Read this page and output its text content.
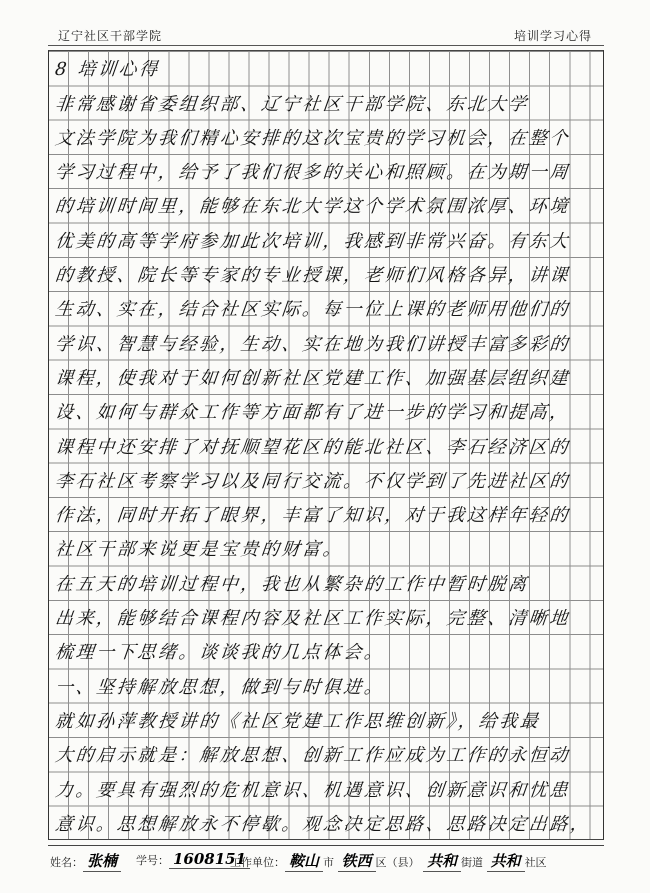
辽宁社区干部学院	培训学习心得
8 培训心得
非常感谢省委组织部、辽宁社区干部学院、东北大学
文法学院为我们精心安排的这次宝贵的学习机会，在整个
学习过程中，给予了我们很多的关心和照顾。在为期一周
的培训时间里，能够在东北大学这个学术氛围浓厚、环境
优美的高等学府参加此次培训，我感到非常兴奋。有东大
的教授、院长等专家的专业授课，老师们风格各异，讲课
生动、实在，结合社区实际。每一位上课的老师用他们的
学识、智慧与经验，生动、实在地为我们讲授丰富多彩的
课程，使我对于如何创新社区党建工作、加强基层组织建
设、如何与群众工作等方面都有了进一步的学习和提高，
课程中还安排了对抚顺望花区的能北社区、李石经济区的
李石社区考察学习以及同行交流。不仅学到了先进社区的
作法，同时开拓了眼界，丰富了知识，对于我这样年轻的
社区干部来说更是宝贵的财富。
在五天的培训过程中，我也从繁杂的工作中暂时脱离
出来，能够结合课程内容及社区工作实际，完整、清晰地
梳理一下思绪。谈谈我的几点体会。
一、坚持解放思想，做到与时俱进。
就如孙萍教授讲的《社区党建工作思维创新》，给我最
大的启示就是：解放思想、创新工作应成为工作的永恒动
力。要具有强烈的危机意识、机遇意识、创新意识和忧患
意识。思想解放永不停歇。观念决定思路、思路决定出路，
姓名： 张楠	学号： 1608151
工作单位： 鞍山 市 铁西 区（县） 共和 街道 共和 社区
